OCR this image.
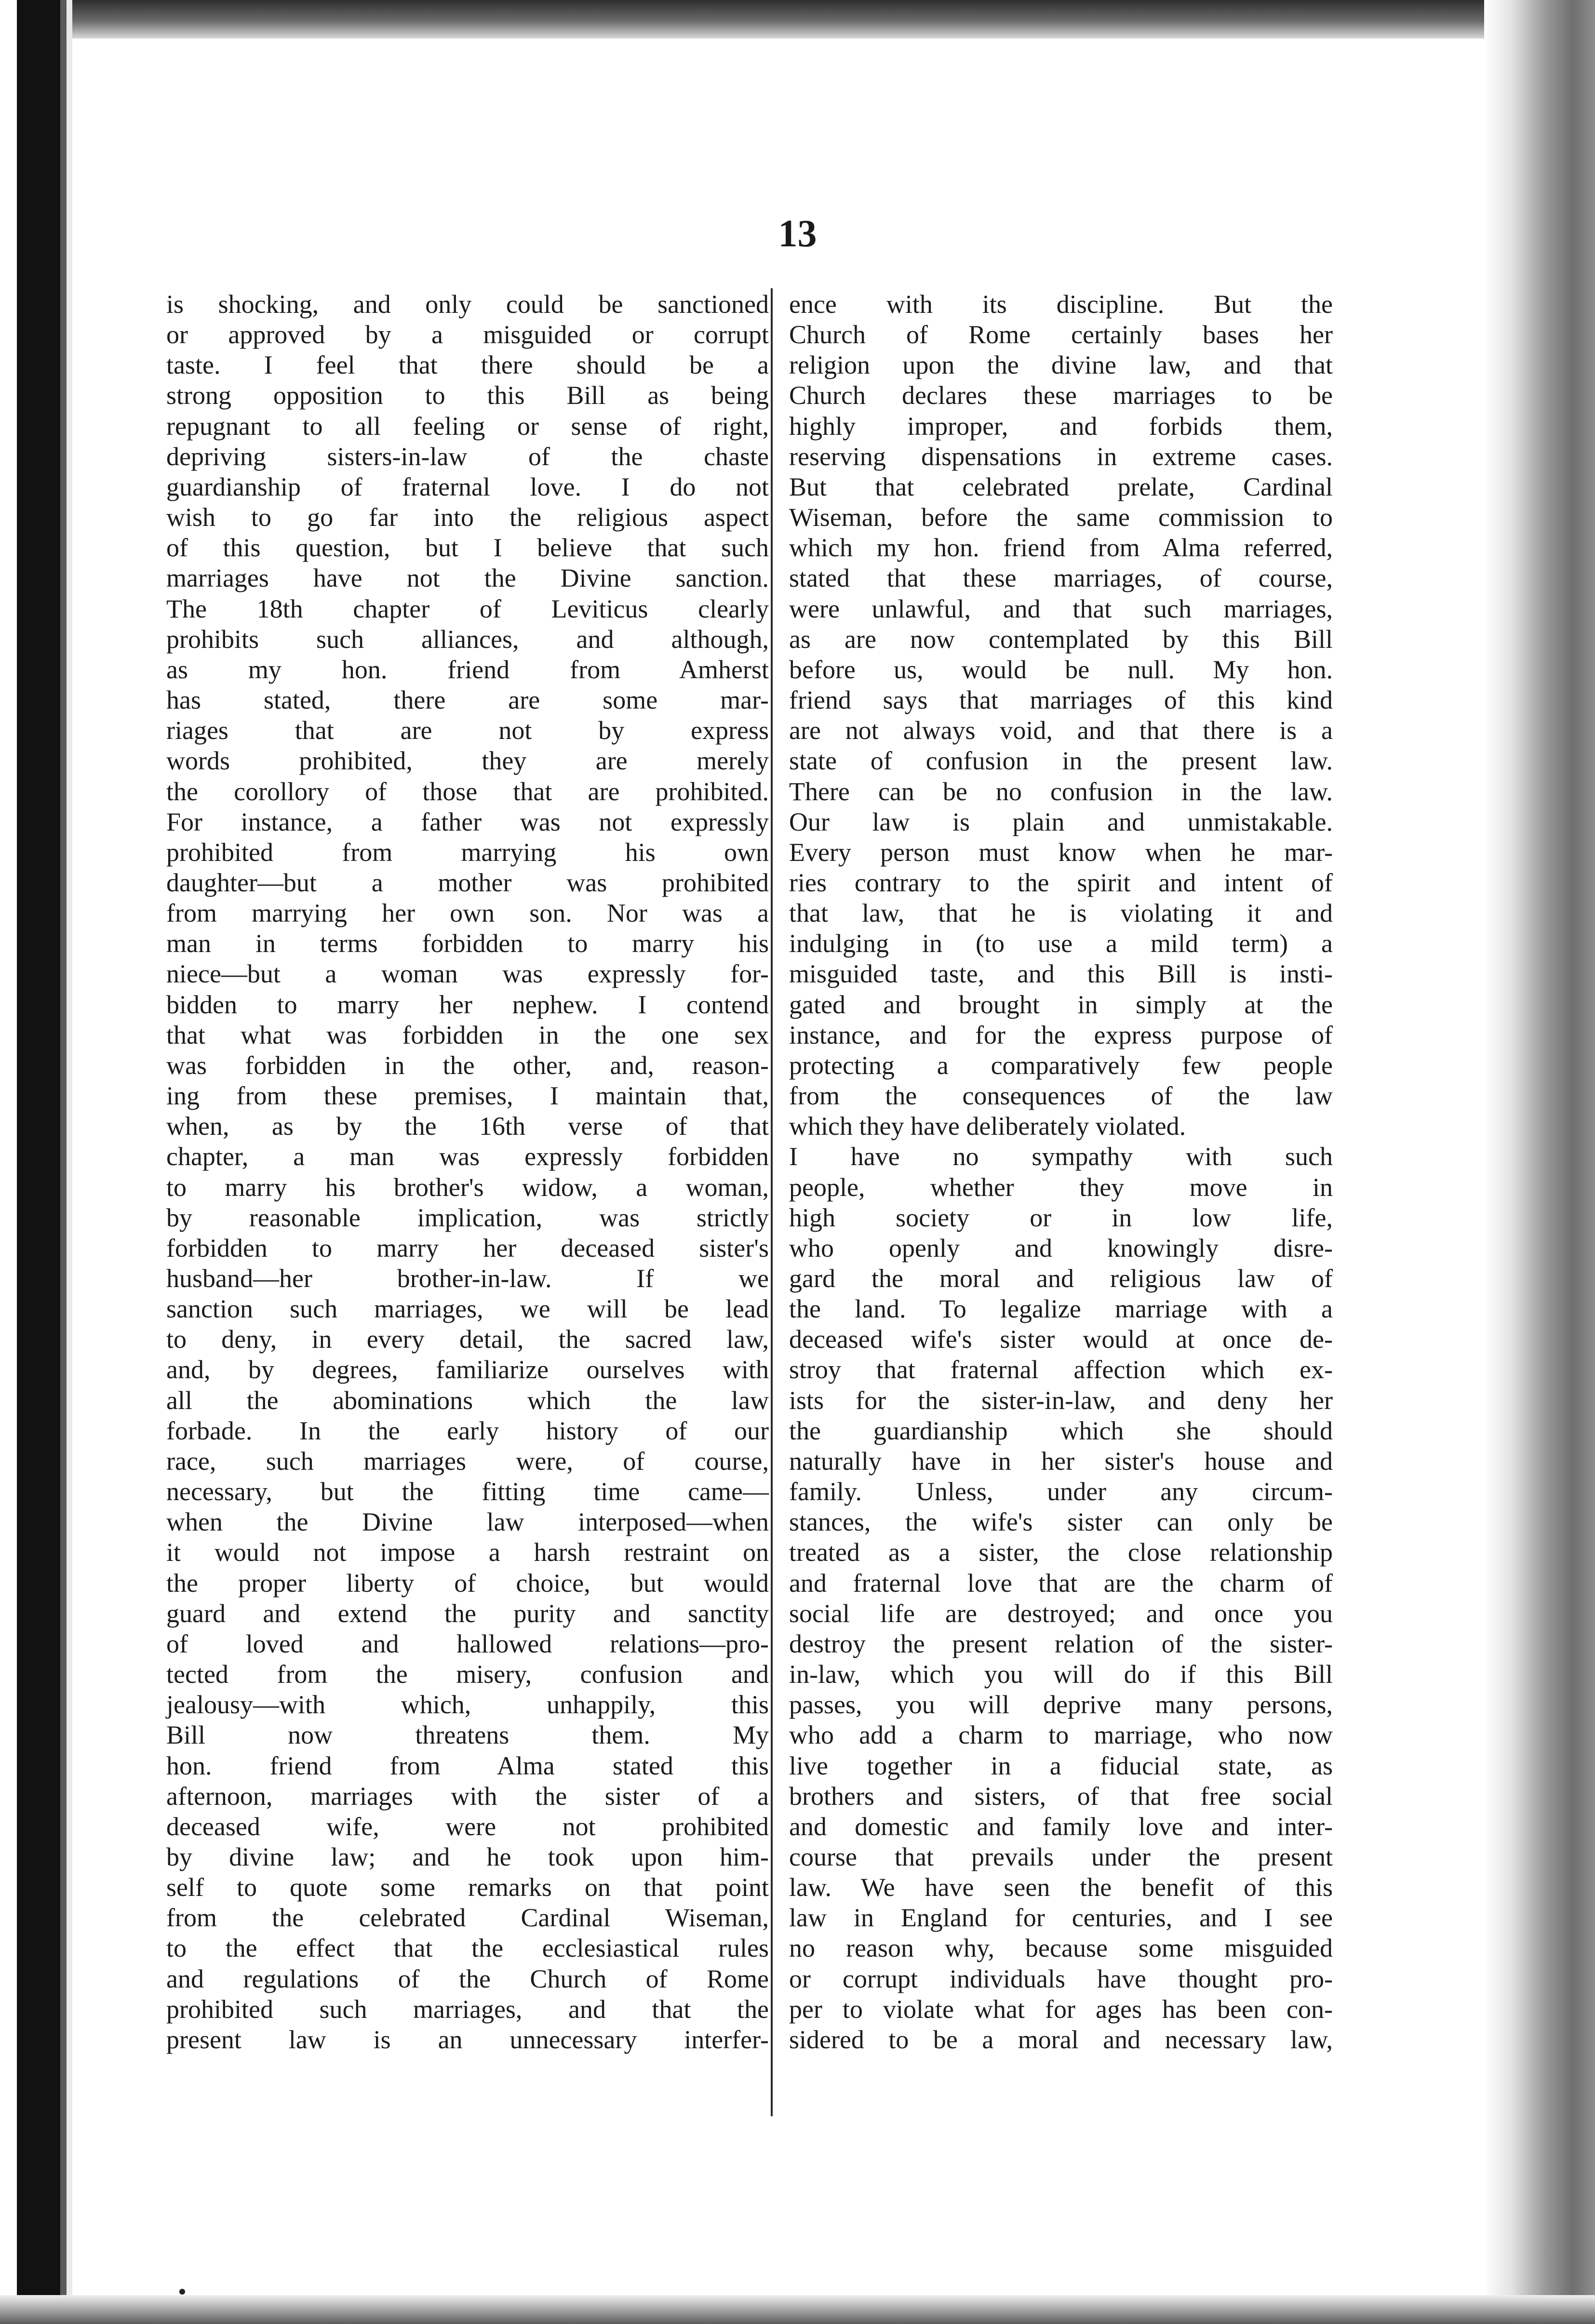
13
is shocking, and only could be sanctioned
or approved by a misguided or corrupt
taste. I feel that there should be a
strong opposition to this Bill as being
repugnant to all feeling or sense of right,
depriving sisters-in-law of the chaste
guardianship of fraternal love. I do not
wish to go far into the religious aspect
of this question, but I believe that such
marriages have not the Divine sanction.
The 18th chapter of Leviticus clearly
prohibits such alliances, and although,
as my hon. friend from Amherst
has stated, there are some mar-
riages that are not by express
words prohibited, they are merely
the corollory of those that are prohibited.
For instance, a father was not expressly
prohibited from marrying his own
daughter—but a mother was prohibited
from marrying her own son. Nor was a
man in terms forbidden to marry his
niece—but a woman was expressly for-
bidden to marry her nephew. I contend
that what was forbidden in the one sex
was forbidden in the other, and, reason-
ing from these premises, I maintain that,
when, as by the 16th verse of that
chapter, a man was expressly forbidden
to marry his brother's widow, a woman,
by reasonable implication, was strictly
forbidden to marry her deceased sister's
husband—her brother-in-law. If we
sanction such marriages, we will be lead
to deny, in every detail, the sacred law,
and, by degrees, familiarize ourselves with
all the abominations which the law
forbade. In the early history of our
race, such marriages were, of course,
necessary, but the fitting time came—
when the Divine law interposed—when
it would not impose a harsh restraint on
the proper liberty of choice, but would
guard and extend the purity and sanctity
of loved and hallowed relations—pro-
tected from the misery, confusion and
jealousy—with which, unhappily, this
Bill now threatens them. My
hon. friend from Alma stated this
afternoon, marriages with the sister of a
deceased wife, were not prohibited
by divine law; and he took upon him-
self to quote some remarks on that point
from the celebrated Cardinal Wiseman,
to the effect that the ecclesiastical rules
and regulations of the Church of Rome
prohibited such marriages, and that the
present law is an unnecessary interfer-
ence with its discipline. But the
Church of Rome certainly bases her
religion upon the divine law, and that
Church declares these marriages to be
highly improper, and forbids them,
reserving dispensations in extreme cases.
But that celebrated prelate, Cardinal
Wiseman, before the same commission to
which my hon. friend from Alma referred,
stated that these marriages, of course,
were unlawful, and that such marriages,
as are now contemplated by this Bill
before us, would be null. My hon.
friend says that marriages of this kind
are not always void, and that there is a
state of confusion in the present law.
There can be no confusion in the law.
Our law is plain and unmistakable.
Every person must know when he mar-
ries contrary to the spirit and intent of
that law, that he is violating it and
indulging in (to use a mild term) a
misguided taste, and this Bill is insti-
gated and brought in simply at the
instance, and for the express purpose of
protecting a comparatively few people
from the consequences of the law
which they have deliberately violated.
I have no sympathy with such
people, whether they move in
high society or in low life,
who openly and knowingly disre-
gard the moral and religious law of
the land. To legalize marriage with a
deceased wife's sister would at once de-
stroy that fraternal affection which ex-
ists for the sister-in-law, and deny her
the guardianship which she should
naturally have in her sister's house and
family. Unless, under any circum-
stances, the wife's sister can only be
treated as a sister, the close relationship
and fraternal love that are the charm of
social life are destroyed; and once you
destroy the present relation of the sister-
in-law, which you will do if this Bill
passes, you will deprive many persons,
who add a charm to marriage, who now
live together in a fiducial state, as
brothers and sisters, of that free social
and domestic and family love and inter-
course that prevails under the present
law. We have seen the benefit of this
law in England for centuries, and I see
no reason why, because some misguided
or corrupt individuals have thought pro-
per to violate what for ages has been con-
sidered to be a moral and necessary law,
